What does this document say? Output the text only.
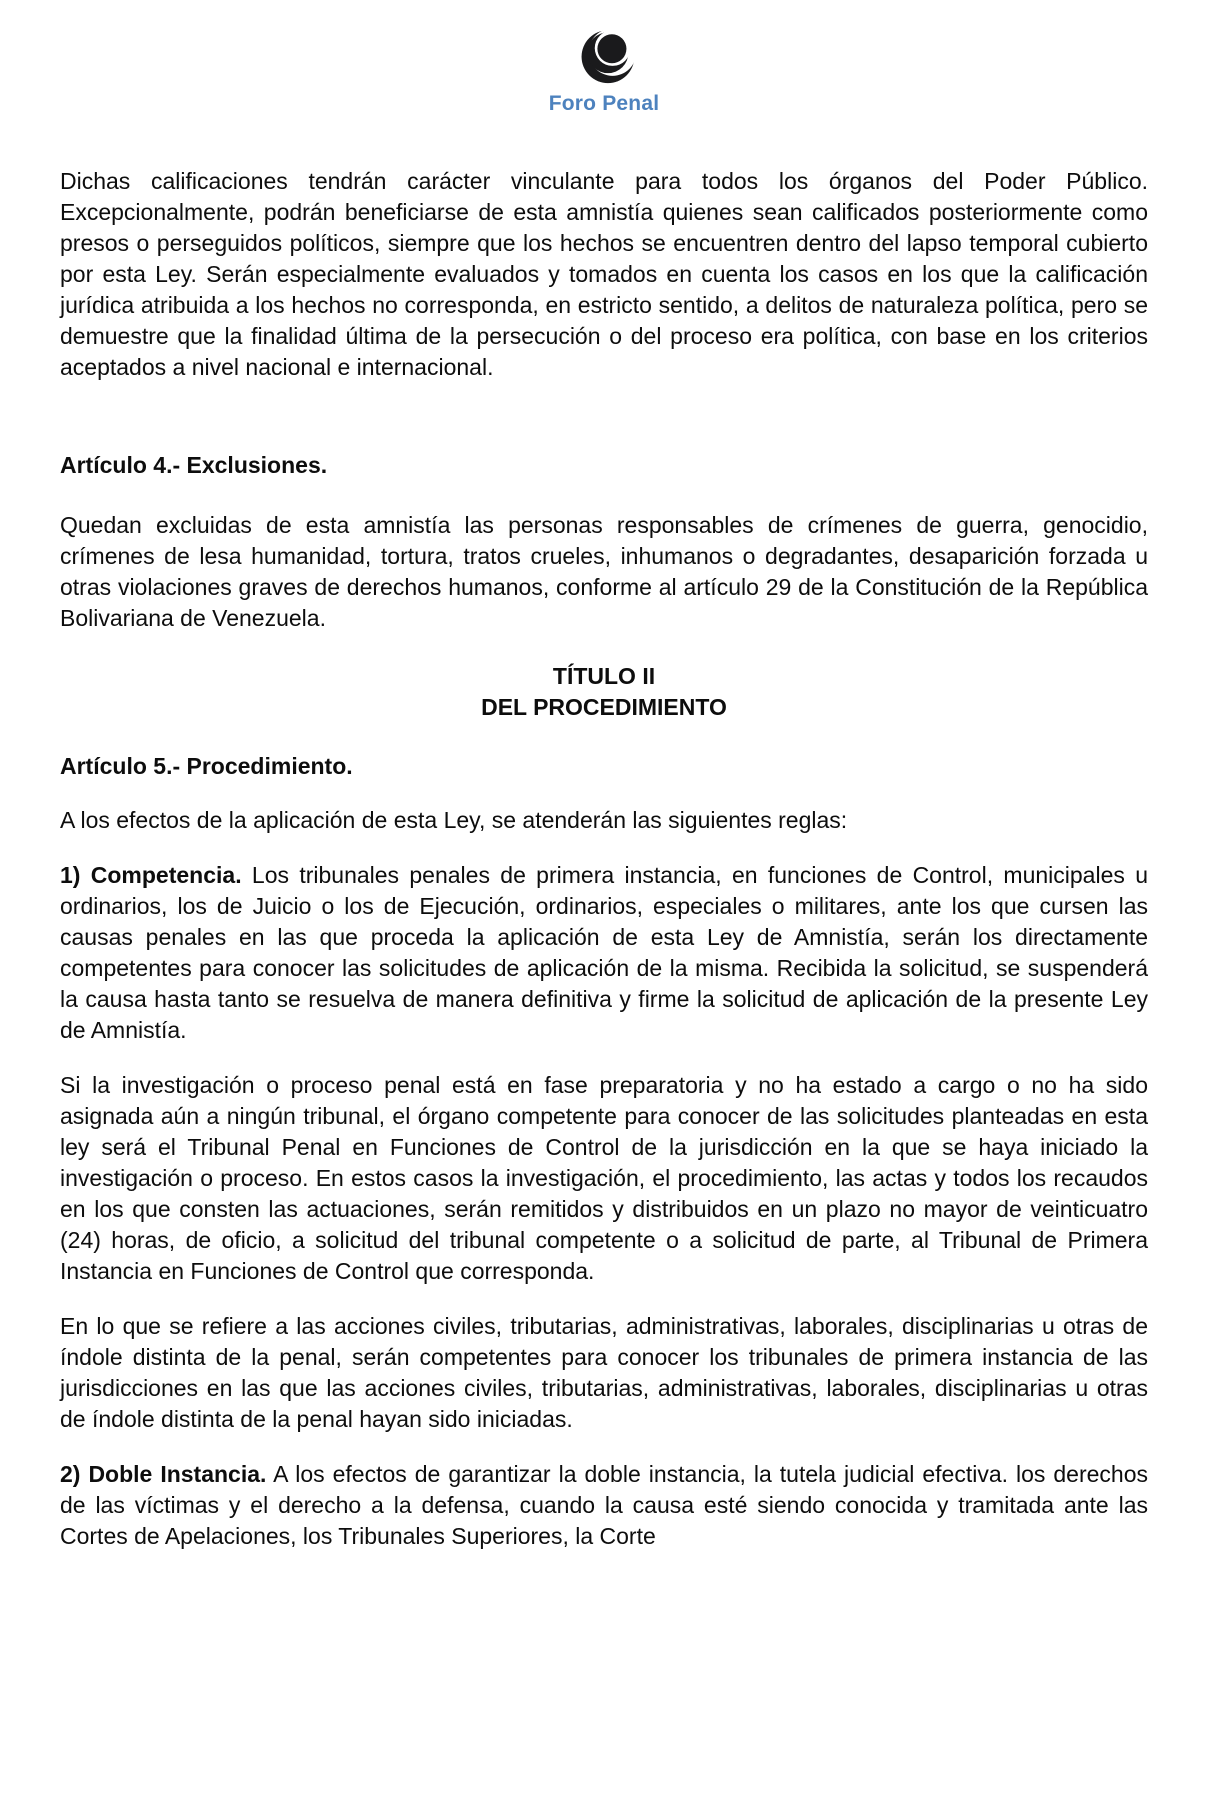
Foro Penal

Dichas calificaciones tendrán carácter vinculante para todos los órganos del Poder Público. Excepcionalmente, podrán beneficiarse de esta amnistía quienes sean calificados posteriormente como presos o perseguidos políticos, siempre que los hechos se encuentren dentro del lapso temporal cubierto por esta Ley. Serán especialmente evaluados y tomados en cuenta los casos en los que la calificación jurídica atribuida a los hechos no corresponda, en estricto sentido, a delitos de naturaleza política, pero se demuestre que la finalidad última de la persecución o del proceso era política, con base en los criterios aceptados a nivel nacional e internacional.

Artículo 4.- Exclusiones.

Quedan excluidas de esta amnistía las personas responsables de crímenes de guerra, genocidio, crímenes de lesa humanidad, tortura, tratos crueles, inhumanos o degradantes, desaparición forzada u otras violaciones graves de derechos humanos, conforme al artículo 29 de la Constitución de la República Bolivariana de Venezuela.

TÍTULO II
DEL PROCEDIMIENTO
Artículo 5.- Procedimiento.

A los efectos de la aplicación de esta Ley, se atenderán las siguientes reglas:

1) Competencia. Los tribunales penales de primera instancia, en funciones de Control, municipales u ordinarios, los de Juicio o los de Ejecución, ordinarios, especiales o militares, ante los que cursen las causas penales en las que proceda la aplicación de esta Ley de Amnistía, serán los directamente competentes para conocer las solicitudes de aplicación de la misma. Recibida la solicitud, se suspenderá la causa hasta tanto se resuelva de manera definitiva y firme la solicitud de aplicación de la presente Ley de Amnistía.

Si la investigación o proceso penal está en fase preparatoria y no ha estado a cargo o no ha sido asignada aún a ningún tribunal, el órgano competente para conocer de las solicitudes planteadas en esta ley será el Tribunal Penal en Funciones de Control de la jurisdicción en la que se haya iniciado la investigación o proceso. En estos casos la investigación, el procedimiento, las actas y todos los recaudos en los que consten las actuaciones, serán remitidos y distribuidos en un plazo no mayor de veinticuatro (24) horas, de oficio, a solicitud del tribunal competente o a solicitud de parte, al Tribunal de Primera Instancia en Funciones de Control que corresponda.

En lo que se refiere a las acciones civiles, tributarias, administrativas, laborales, disciplinarias u otras de índole distinta de la penal, serán competentes para conocer los tribunales de primera instancia de las jurisdicciones en las que las acciones civiles, tributarias, administrativas, laborales, disciplinarias u otras de índole distinta de la penal hayan sido iniciadas.

2) Doble Instancia. A los efectos de garantizar la doble instancia, la tutela judicial efectiva. los derechos de las víctimas y el derecho a la defensa, cuando la causa esté siendo conocida y tramitada ante las Cortes de Apelaciones, los Tribunales Superiores, la Corte
